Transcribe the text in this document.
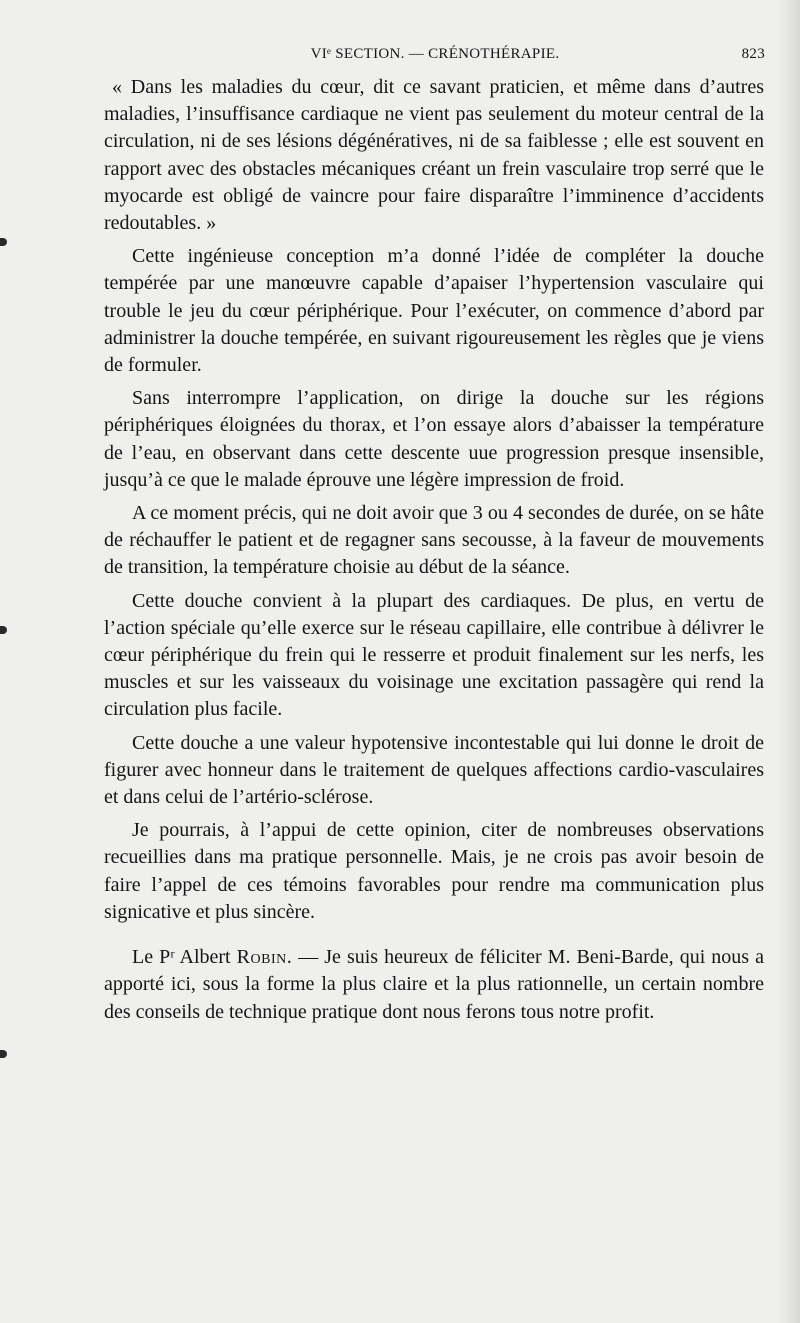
VIᵉ SECTION. — CRÉNOTHÉRAPIE.	823

« Dans les maladies du cœur, dit ce savant praticien, et même dans d’autres maladies, l’insuffisance cardiaque ne vient pas seulement du moteur central de la circulation, ni de ses lésions dégénératives, ni de sa faiblesse ; elle est souvent en rapport avec des obstacles mécaniques créant un frein vasculaire trop serré que le myocarde est obligé de vaincre pour faire disparaître l’imminence d’accidents redoutables. »

Cette ingénieuse conception m’a donné l’idée de compléter la douche tempérée par une manœuvre capable d’apaiser l’hypertension vasculaire qui trouble le jeu du cœur périphérique. Pour l’exécuter, on commence d’abord par administrer la douche tempérée, en suivant rigoureusement les règles que je viens de formuler.

Sans interrompre l’application, on dirige la douche sur les régions périphériques éloignées du thorax, et l’on essaye alors d’abaisser la température de l’eau, en observant dans cette descente uue progression presque insensible, jusqu’à ce que le malade éprouve une légère impression de froid.

A ce moment précis, qui ne doit avoir que 3 ou 4 secondes de durée, on se hâte de réchauffer le patient et de regagner sans secousse, à la faveur de mouvements de transition, la température choisie au début de la séance.

Cette douche convient à la plupart des cardiaques. De plus, en vertu de l’action spéciale qu’elle exerce sur le réseau capillaire, elle contribue à délivrer le cœur périphérique du frein qui le resserre et produit finalement sur les nerfs, les muscles et sur les vaisseaux du voisinage une excitation passagère qui rend la circulation plus facile.

Cette douche a une valeur hypotensive incontestable qui lui donne le droit de figurer avec honneur dans le traitement de quelques affections cardio-vasculaires et dans celui de l’artério-sclérose.

Je pourrais, à l’appui de cette opinion, citer de nombreuses observations recueillies dans ma pratique personnelle. Mais, je ne crois pas avoir besoin de faire l’appel de ces témoins favorables pour rendre ma communication plus signicative et plus sincère.

Le Pʳ Albert Robin. — Je suis heureux de féliciter M. Beni-Barde, qui nous a apporté ici, sous la forme la plus claire et la plus rationnelle, un certain nombre des conseils de technique pratique dont nous ferons tous notre profit.
